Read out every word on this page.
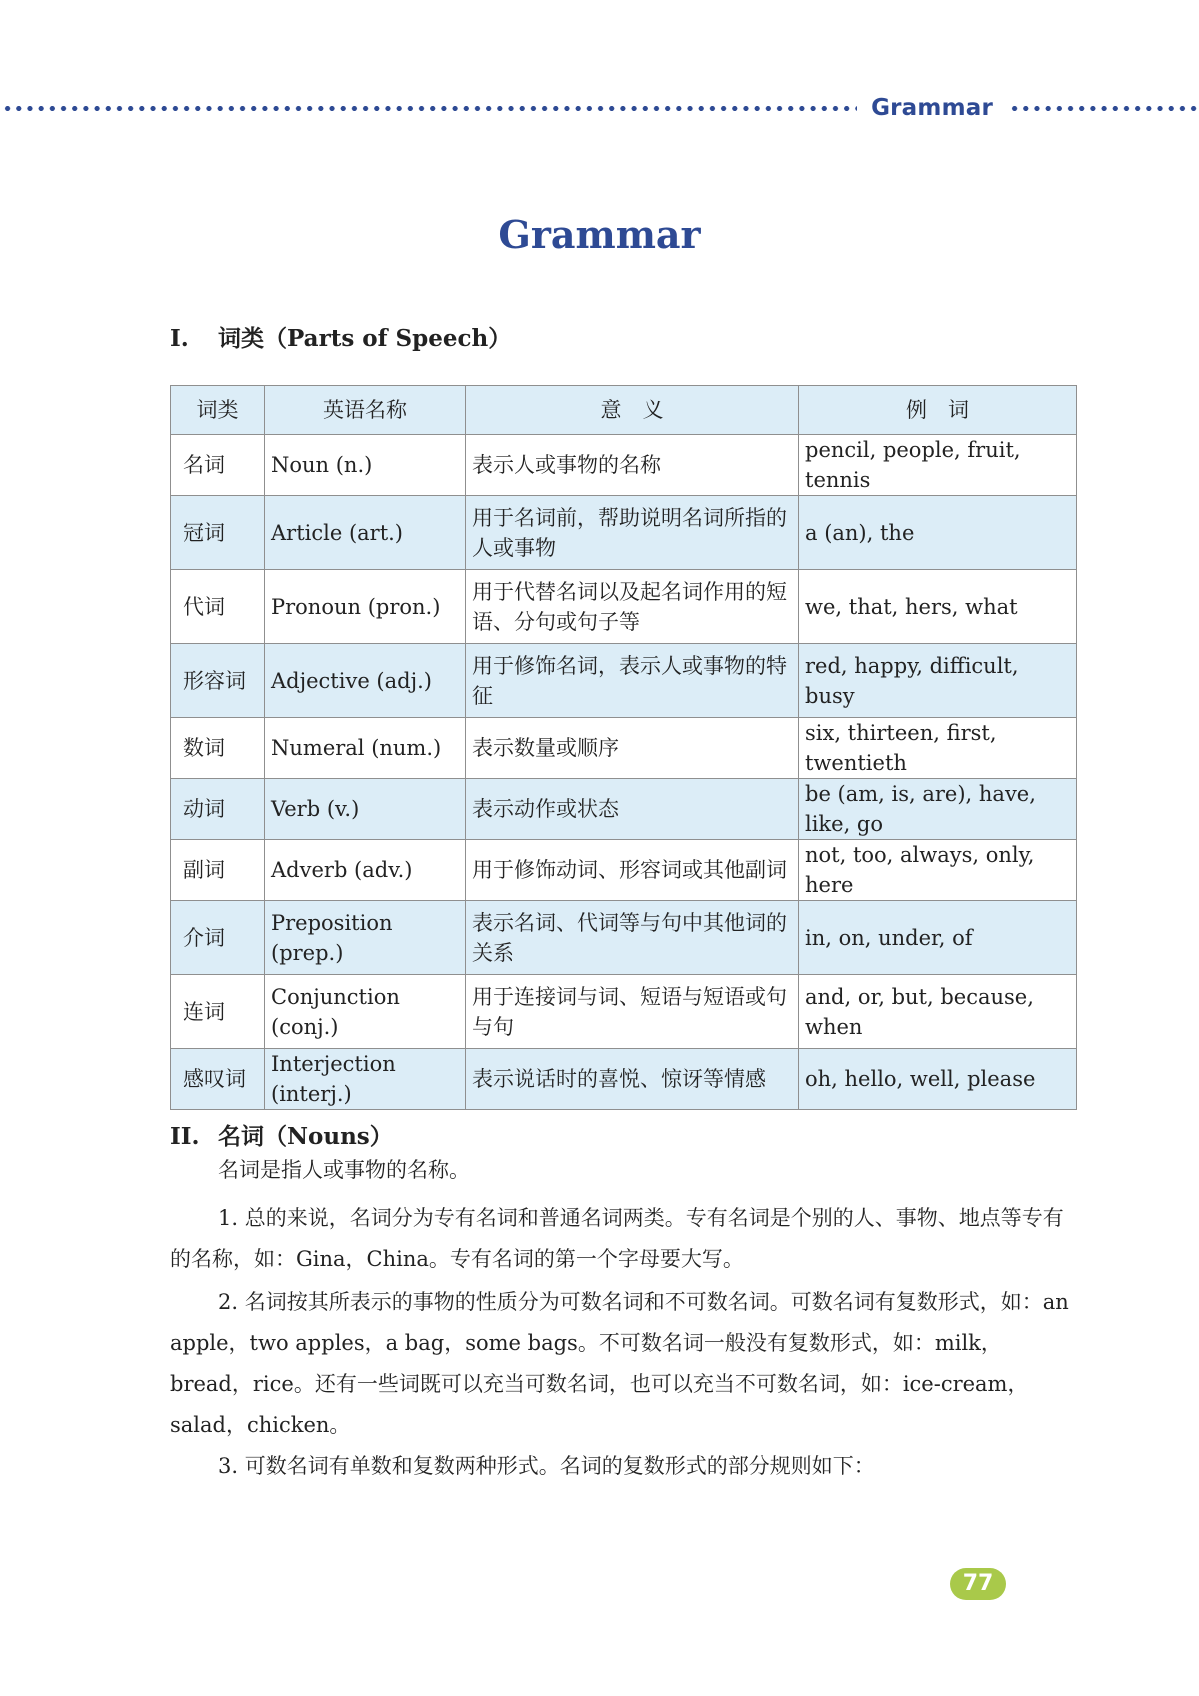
Grammar
Grammar
I. 词类（Parts of Speech）
词类	英语名称	意　义	例　词
名词	Noun (n.)	表示人或事物的名称	pencil, people, fruit, tennis
冠词	Article (art.)	用于名词前，帮助说明名词所指的人或事物	a (an), the
代词	Pronoun (pron.)	用于代替名词以及起名词作用的短语、分句或句子等	we, that, hers, what
形容词	Adjective (adj.)	用于修饰名词，表示人或事物的特征	red, happy, difficult, busy
数词	Numeral (num.)	表示数量或顺序	six, thirteen, first, twentieth
动词	Verb (v.)	表示动作或状态	be (am, is, are), have, like, go
副词	Adverb (adv.)	用于修饰动词、形容词或其他副词	not, too, always, only, here
介词	Preposition (prep.)	表示名词、代词等与句中其他词的关系	in, on, under, of
连词	Conjunction (conj.)	用于连接词与词、短语与短语或句与句	and, or, but, because, when
感叹词	Interjection (interj.)	表示说话时的喜悦、惊讶等情感	oh, hello, well, please
II. 名词（Nouns）

名词是指人或事物的名称。

1. 总的来说，名词分为专有名词和普通名词两类。专有名词是个别的人、事物、地点等专有的名称，如：Gina，China。专有名词的第一个字母要大写。

2. 名词按其所表示的事物的性质分为可数名词和不可数名词。可数名词有复数形式，如：an apple，two apples，a bag，some bags。不可数名词一般没有复数形式，如：milk，bread，rice。还有一些词既可以充当可数名词，也可以充当不可数名词，如：ice-cream，salad，chicken。

3. 可数名词有单数和复数两种形式。名词的复数形式的部分规则如下：

77
